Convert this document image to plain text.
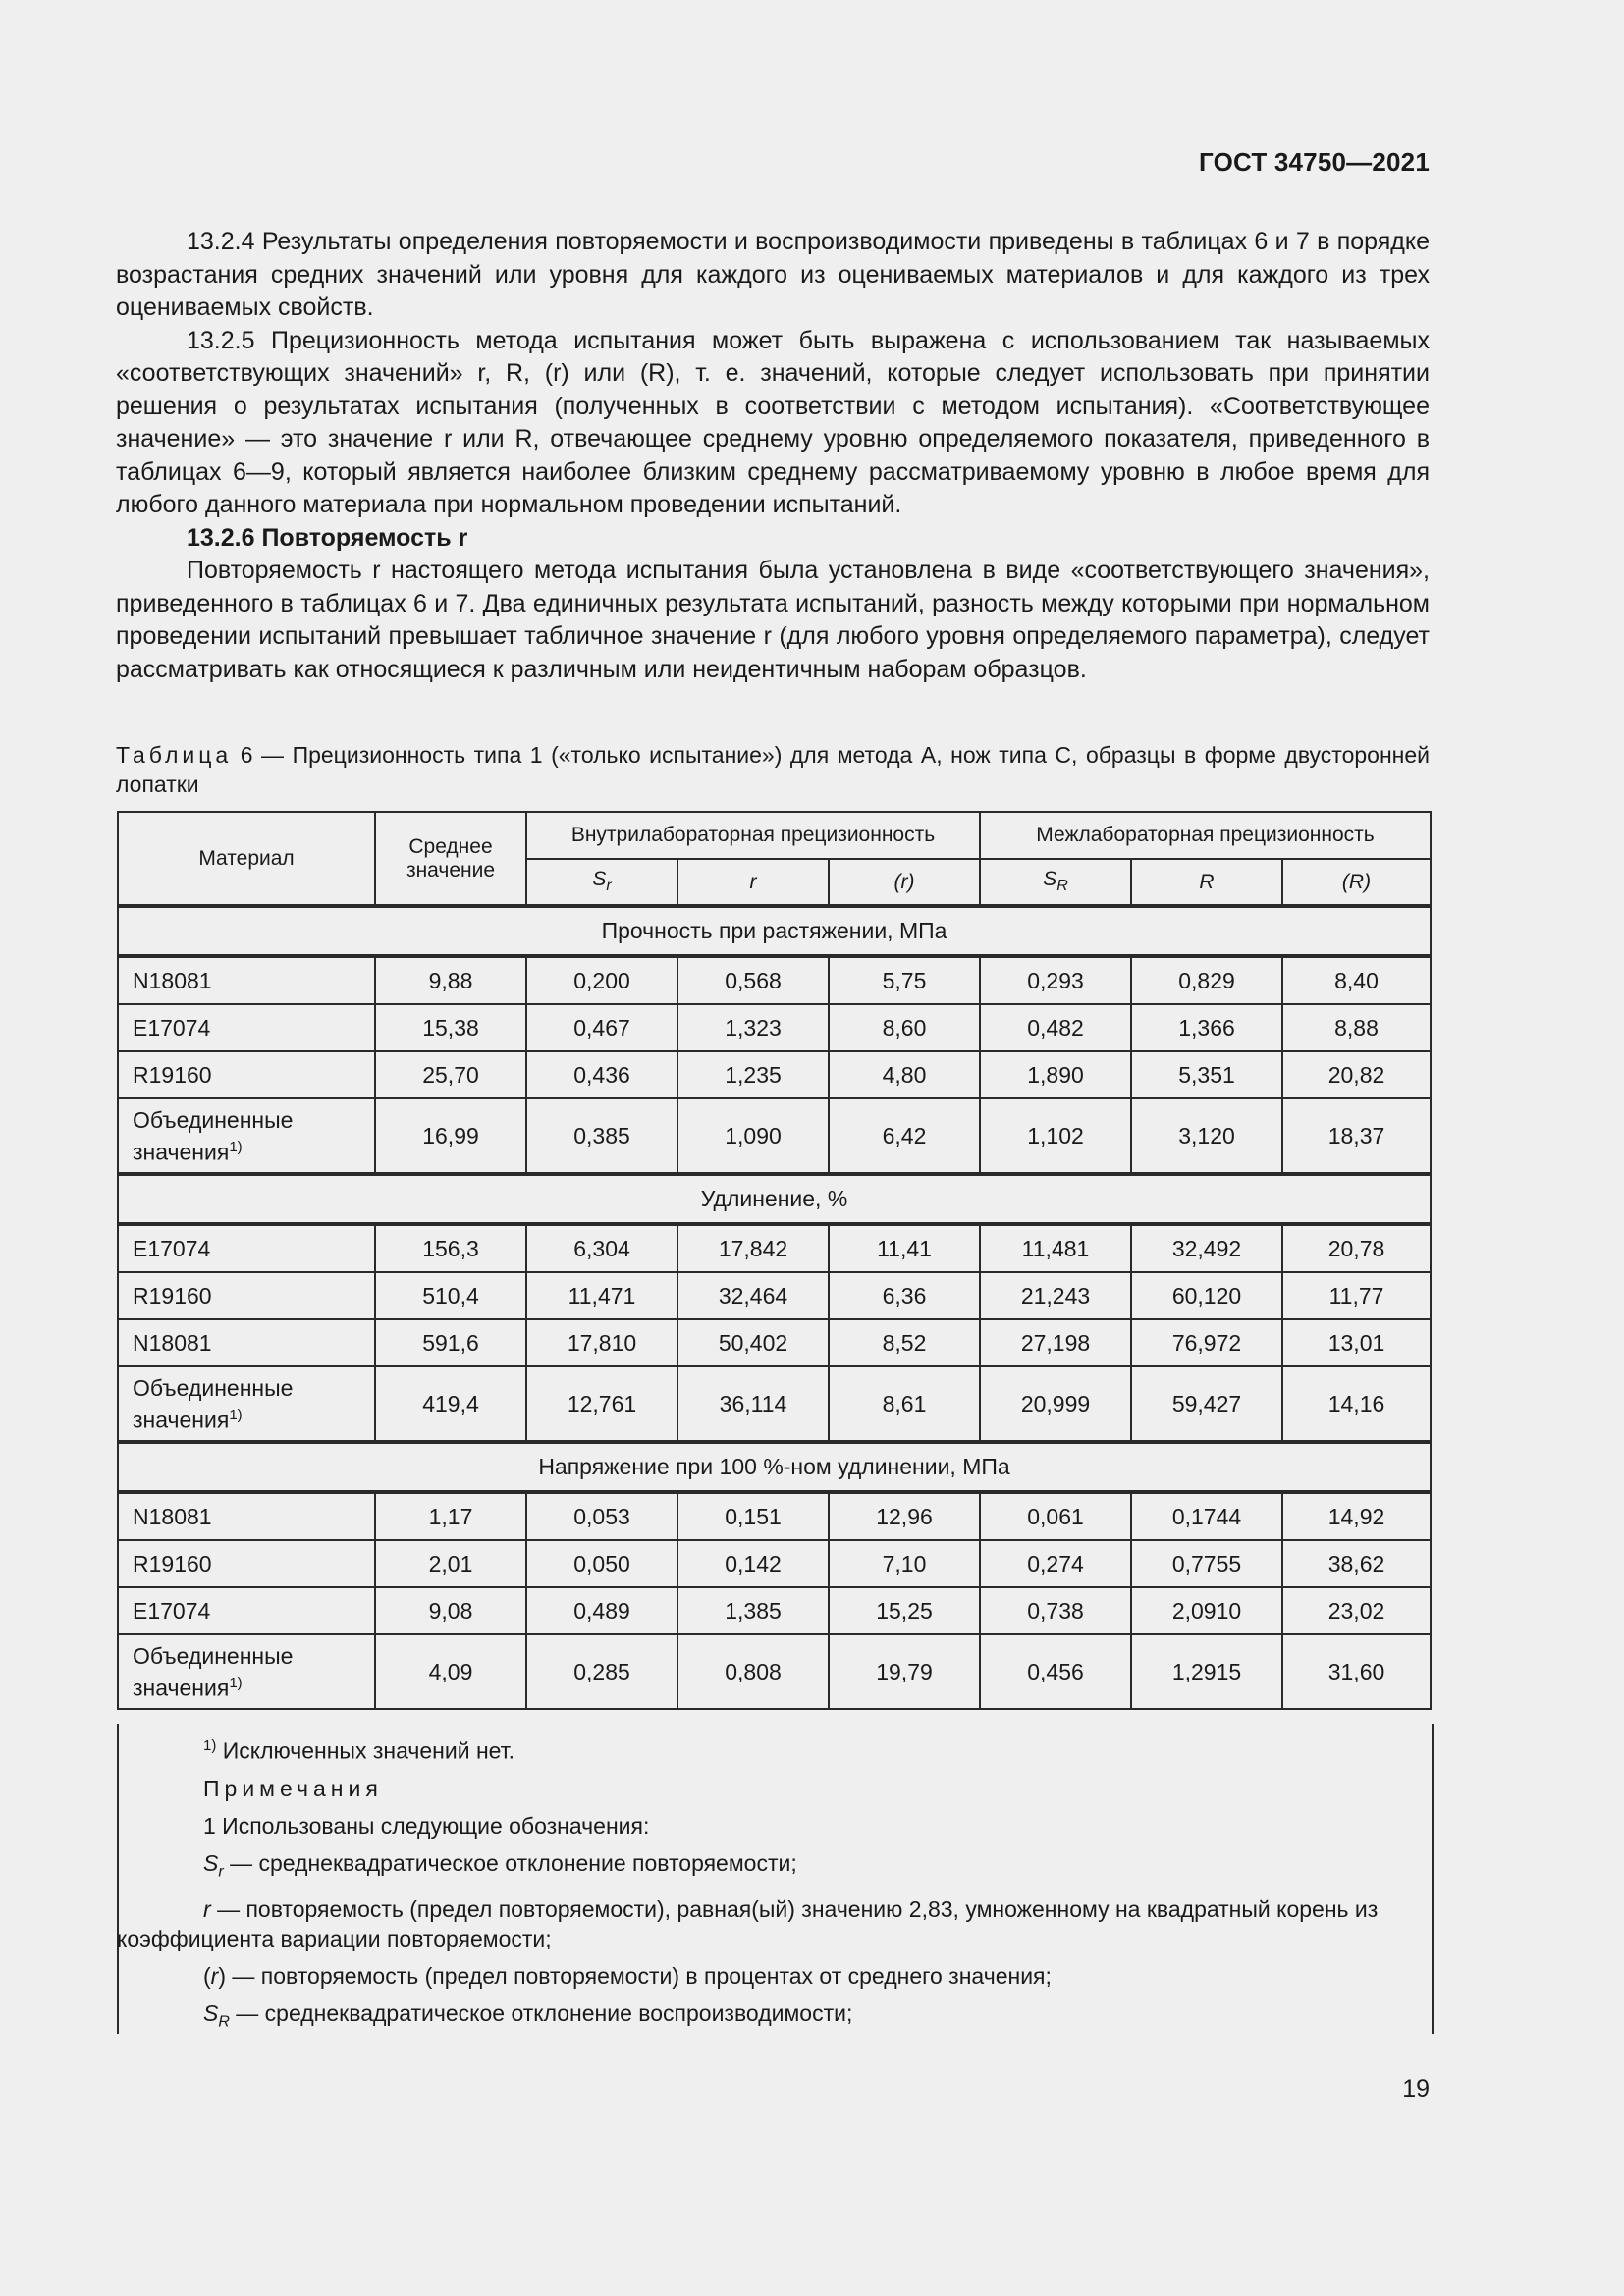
ГОСТ 34750—2021

13.2.4 Результаты определения повторяемости и воспроизводимости приведены в таблицах 6 и 7 в порядке возрастания средних значений или уровня для каждого из оцениваемых материалов и для каждого из трех оцениваемых свойств.

13.2.5 Прецизионность метода испытания может быть выражена с использованием так называемых «соответствующих значений» r, R, (r) или (R), т. е. значений, которые следует использовать при принятии решения о результатах испытания (полученных в соответствии с методом испытания). «Соответствующее значение» — это значение r или R, отвечающее среднему уровню определяемого показателя, приведенного в таблицах 6—9, который является наиболее близким среднему рассматриваемому уровню в любое время для любого данного материала при нормальном проведении испытаний.

13.2.6 Повторяемость r

Повторяемость r настоящего метода испытания была установлена в виде «соответствующего значения», приведенного в таблицах 6 и 7. Два единичных результата испытаний, разность между которыми при нормальном проведении испытаний превышает табличное значение r (для любого уровня определяемого параметра), следует рассматривать как относящиеся к различным или неидентичным наборам образцов.

Таблица 6 — Прецизионность типа 1 («только испытание») для метода А, нож типа С, образцы в форме двусторонней лопатки
Материал	Среднее значение	Внутрилабораторная прецизионность			Межлабораторная прецизионность		
		$S_r$	r	(r)	$S_R$	R	(R)
Прочность при растяжении, МПа							
N18081	9,88	0,200	0,568	5,75	0,293	0,829	8,40
E17074	15,38	0,467	1,323	8,60	0,482	1,366	8,88
R19160	25,70	0,436	1,235	4,80	1,890	5,351	20,82
Объединенные значения$^{1)}$	16,99	0,385	1,090	6,42	1,102	3,120	18,37
Удлинение, %							
E17074	156,3	6,304	17,842	11,41	11,481	32,492	20,78
R19160	510,4	11,471	32,464	6,36	21,243	60,120	11,77
N18081	591,6	17,810	50,402	8,52	27,198	76,972	13,01
Объединенные значения$^{1)}$	419,4	12,761	36,114	8,61	20,999	59,427	14,16
Напряжение при 100 %-ном удлинении, МПа							
N18081	1,17	0,053	0,151	12,96	0,061	0,1744	14,92
R19160	2,01	0,050	0,142	7,10	0,274	0,7755	38,62
E17074	9,08	0,489	1,385	15,25	0,738	2,0910	23,02
Объединенные значения$^{1)}$	4,09	0,285	0,808	19,79	0,456	1,2915	31,60

$^{1)}$ Исключенных значений нет.

Примечания

1 Использованы следующие обозначения:

$S_r$ — среднеквадратическое отклонение повторяемости;

r — повторяемость (предел повторяемости), равная(ый) значению 2,83, умноженному на квадратный корень из коэффициента вариации повторяемости;

(r) — повторяемость (предел повторяемости) в процентах от среднего значения;

$S_R$ — среднеквадратическое отклонение воспроизводимости;

19
